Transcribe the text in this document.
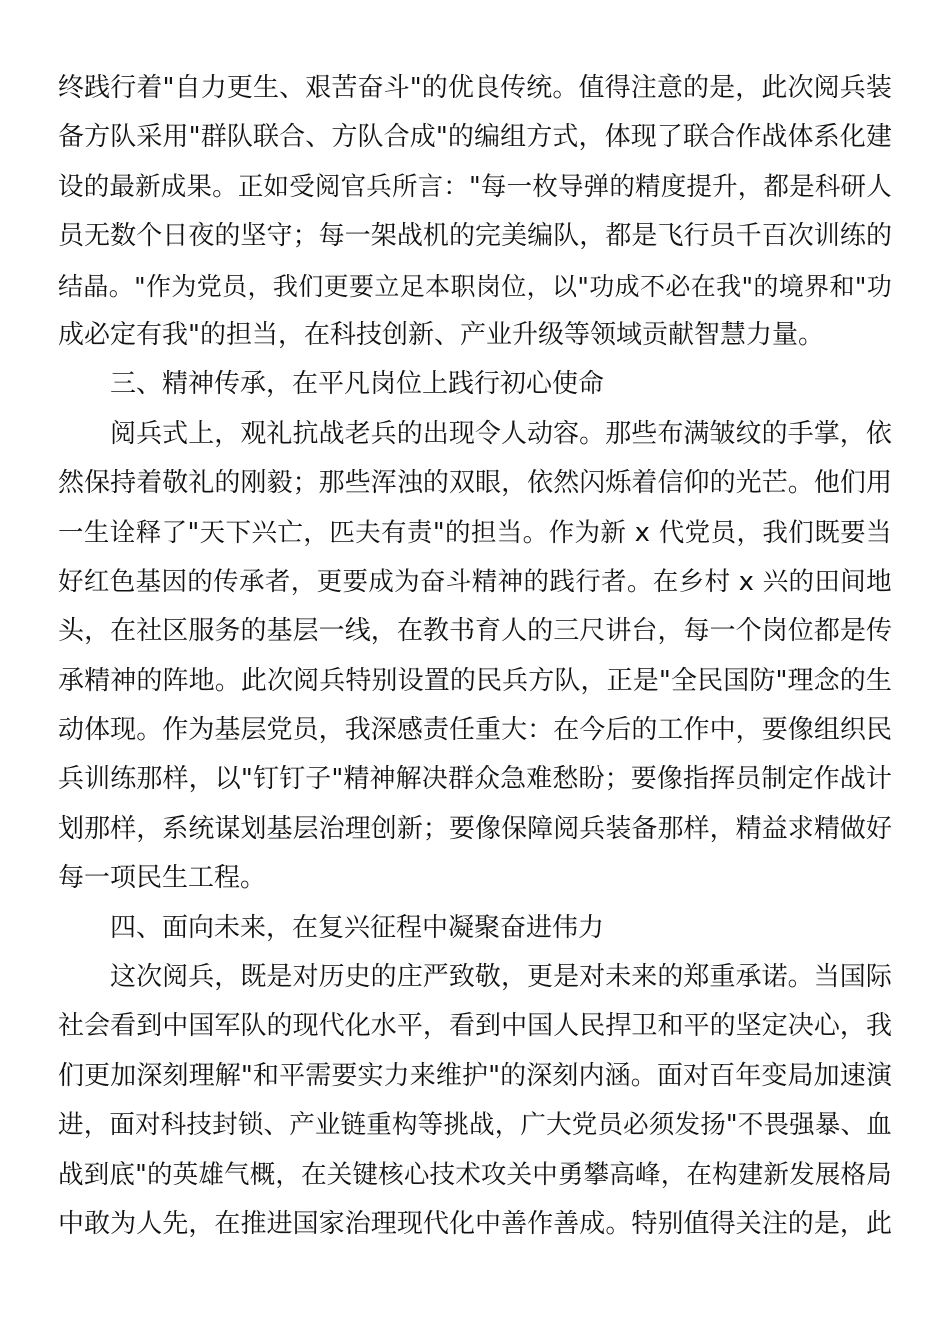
终 践 行 着 " 自 力 更 生 、 艰 苦 奋 斗 " 的 优 良 传 统 。 值 得 注 意 的 是 ， 此 次 阅 兵 装
备 方 队 采 用 " 群 队 联 合 、 方 队 合 成 " 的 编 组 方 式 ， 体 现 了 联 合 作 战 体 系 化 建
设 的 最 新 成 果 。 正 如 受 阅 官 兵 所 言 ： " 每 一 枚 导 弹 的 精 度 提 升 ， 都 是 科 研 人
员 无 数 个 日 夜 的 坚 守 ； 每 一 架 战 机 的 完 美 编 队 ， 都 是 飞 行 员 千 百 次 训 练 的
结 晶 。 " 作 为 党 员 ， 我 们 更 要 立 足 本 职 岗 位 ， 以 " 功 成 不 必 在 我 " 的 境 界 和 " 功
成必定有我"的担当，在科技创新、产业升级等领域贡献智慧力量。
三、精神传承，在平凡岗位上践行初心使命
阅 兵 式 上 ， 观 礼 抗 战 老 兵 的 出 现 令 人 动 容 。 那 些 布 满 皱 纹 的 手 掌 ， 依
然 保 持 着 敬 礼 的 刚 毅 ； 那 些 浑 浊 的 双 眼 ， 依 然 闪 烁 着 信 仰 的 光 芒 。 他 们 用
一 生 诠 释 了 " 天 下 兴 亡 ， 匹 夫 有 责 " 的 担 当 。 作 为 新
x
代 党 员 ， 我 们 既 要 当
好 红 色 基 因 的 传 承 者 ， 更 要 成 为 奋 斗 精 神 的 践 行 者 。 在 乡 村
x
兴 的 田 间 地
头 ， 在 社 区 服 务 的 基 层 一 线 ， 在 教 书 育 人 的 三 尺 讲 台 ， 每 一 个 岗 位 都 是 传
承 精 神 的 阵 地 。 此 次 阅 兵 特 别 设 置 的 民 兵 方 队 ， 正 是 " 全 民 国 防 " 理 念 的 生
动 体 现 。 作 为 基 层 党 员 ， 我 深 感 责 任 重 大 ： 在 今 后 的 工 作 中 ， 要 像 组 织 民
兵 训 练 那 样 ， 以 " 钉 钉 子 " 精 神 解 决 群 众 急 难 愁 盼 ； 要 像 指 挥 员 制 定 作 战 计
划 那 样 ， 系 统 谋 划 基 层 治 理 创 新 ； 要 像 保 障 阅 兵 装 备 那 样 ， 精 益 求 精 做 好
每一项民生工程。
四、面向未来，在复兴征程中凝聚奋进伟力
这 次 阅 兵 ， 既 是 对 历 史 的 庄 严 致 敬 ， 更 是 对 未 来 的 郑 重 承 诺 。 当 国 际
社 会 看 到 中 国 军 队 的 现 代 化 水 平 ， 看 到 中 国 人 民 捍 卫 和 平 的 坚 定 决 心 ， 我
们 更 加 深 刻 理 解 " 和 平 需 要 实 力 来 维 护 " 的 深 刻 内 涵 。 面 对 百 年 变 局 加 速 演
进 ， 面 对 科 技 封 锁 、 产 业 链 重 构 等 挑 战 ， 广 大 党 员 必 须 发 扬 " 不 畏 强 暴 、 血
战 到 底 " 的 英 雄 气 概 ， 在 关 键 核 心 技 术 攻 关 中 勇 攀 高 峰 ， 在 构 建 新 发 展 格 局
中 敢 为 人 先 ， 在 推 进 国 家 治 理 现 代 化 中 善 作 善 成 。 特 别 值 得 关 注 的 是 ， 此
